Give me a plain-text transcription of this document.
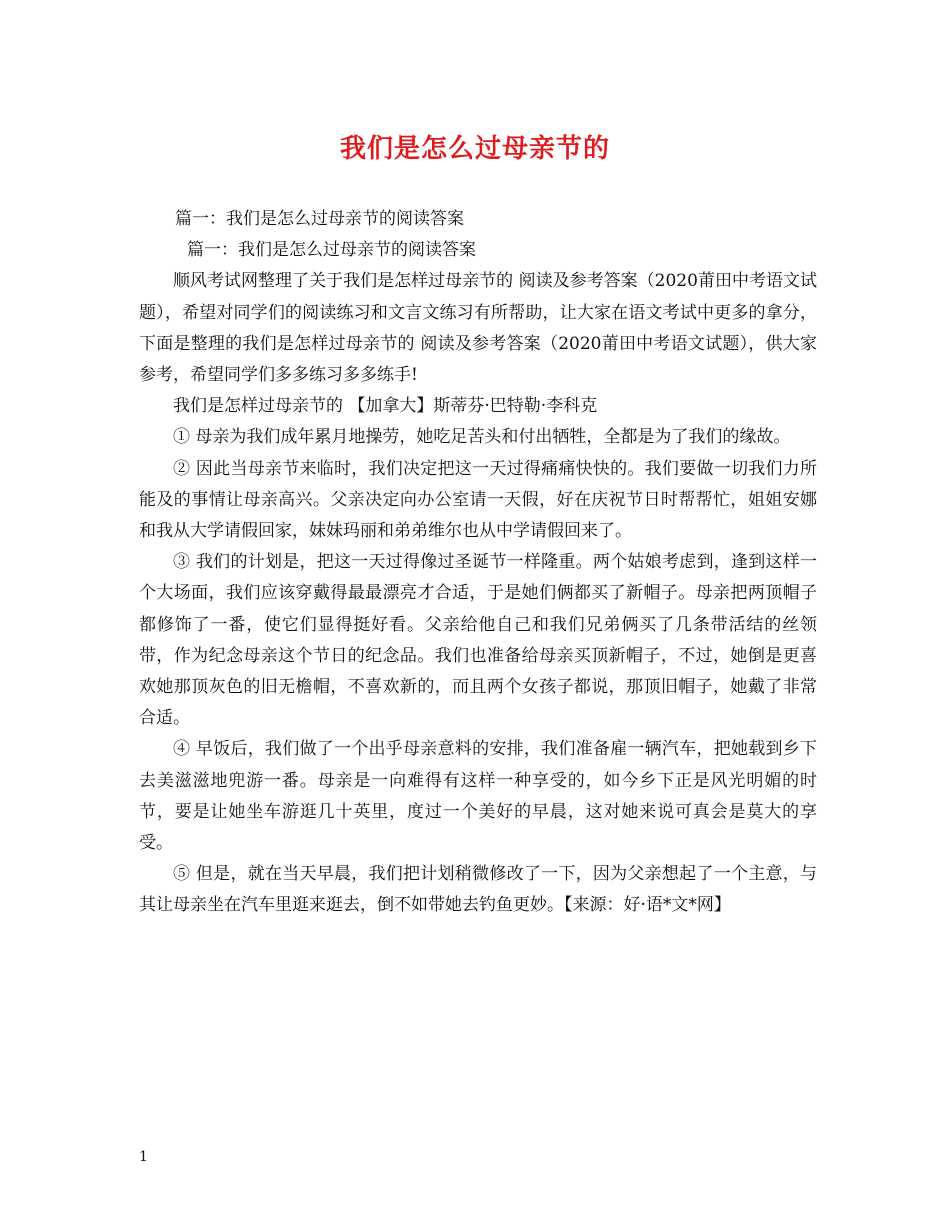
我们是怎么过母亲节的

篇一：我们是怎么过母亲节的阅读答案

篇一：我们是怎么过母亲节的阅读答案

顺风考试网整理了关于我们是怎样过母亲节的 阅读及参考答案（2020莆田中考语文试题），希望对同学们的阅读练习和文言文练习有所帮助，让大家在语文考试中更多的拿分，下面是整理的我们是怎样过母亲节的 阅读及参考答案（2020莆田中考语文试题），供大家参考，希望同学们多多练习多多练手!

我们是怎样过母亲节的 【加拿大】斯蒂芬·巴特勒·李科克

① 母亲为我们成年累月地操劳，她吃足苦头和付出牺牲，全都是为了我们的缘故。

② 因此当母亲节来临时，我们决定把这一天过得痛痛快快的。我们要做一切我们力所能及的事情让母亲高兴。父亲决定向办公室请一天假，好在庆祝节日时帮帮忙，姐姐安娜和我从大学请假回家，妹妹玛丽和弟弟维尔也从中学请假回来了。

③ 我们的计划是，把这一天过得像过圣诞节一样隆重。两个姑娘考虑到，逢到这样一个大场面，我们应该穿戴得最最漂亮才合适，于是她们俩都买了新帽子。母亲把两顶帽子都修饰了一番，使它们显得挺好看。父亲给他自己和我们兄弟俩买了几条带活结的丝领带，作为纪念母亲这个节日的纪念品。我们也准备给母亲买顶新帽子，不过，她倒是更喜欢她那顶灰色的旧无檐帽，不喜欢新的，而且两个女孩子都说，那顶旧帽子，她戴了非常合适。

④ 早饭后，我们做了一个出乎母亲意料的安排，我们准备雇一辆汽车，把她载到乡下去美滋滋地兜游一番。母亲是一向难得有这样一种享受的，如今乡下正是风光明媚的时节，要是让她坐车游逛几十英里，度过一个美好的早晨，这对她来说可真会是莫大的享受。

⑤ 但是，就在当天早晨，我们把计划稍微修改了一下，因为父亲想起了一个主意，与其让母亲坐在汽车里逛来逛去，倒不如带她去钓鱼更妙。【来源：好·语*文*网】

1
